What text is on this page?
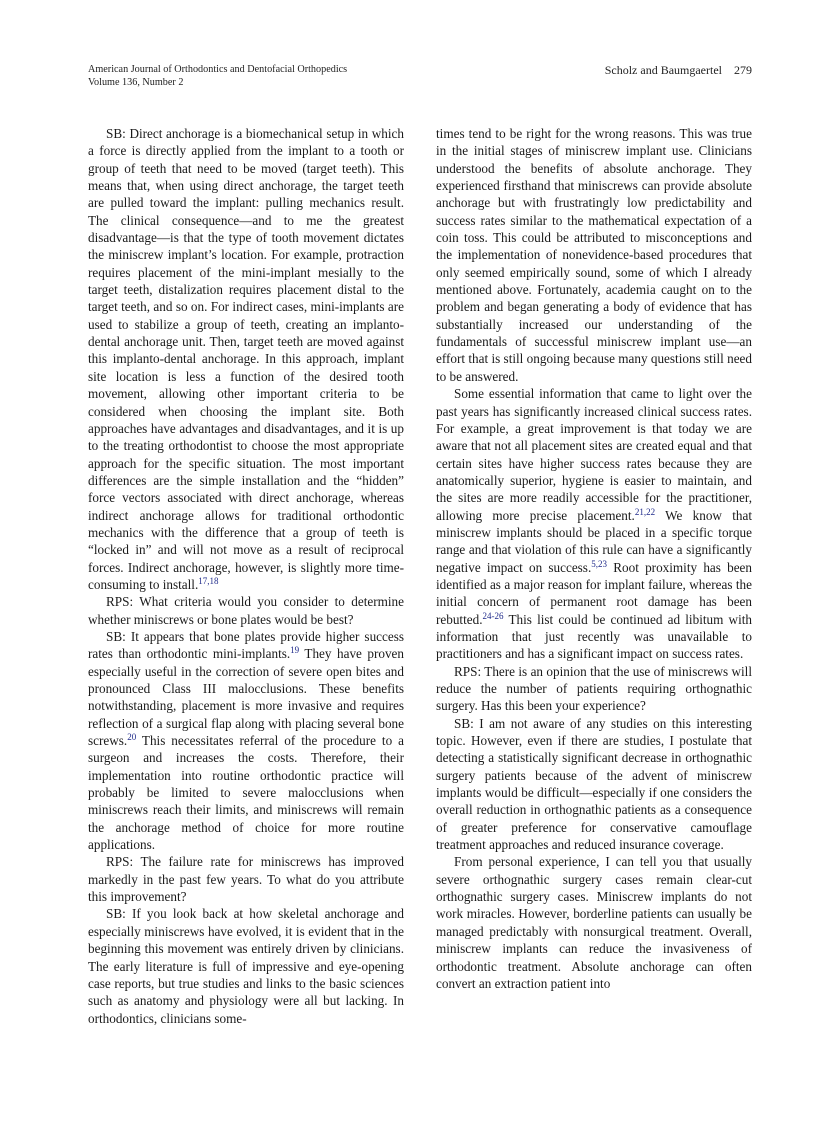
American Journal of Orthodontics and Dentofacial Orthopedics
Volume 136, Number 2
Scholz and Baumgaertel 279

SB: Direct anchorage is a biomechanical setup in which a force is directly applied from the implant to a tooth or group of teeth that need to be moved (target teeth). This means that, when using direct anchorage, the target teeth are pulled toward the implant: pulling mechanics result. The clinical consequence—and to me the greatest disadvantage—is that the type of tooth movement dictates the miniscrew implant’s location. For example, protraction requires placement of the mini-implant mesially to the target teeth, distalization requires placement distal to the target teeth, and so on. For indirect cases, mini-implants are used to stabilize a group of teeth, creating an implanto-dental anchorage unit. Then, target teeth are moved against this implanto-dental anchorage. In this approach, implant site location is less a function of the desired tooth movement, allowing other important criteria to be considered when choosing the implant site. Both approaches have advantages and disadvantages, and it is up to the treating orthodontist to choose the most appropriate approach for the specific situation. The most important differences are the simple installation and the “hidden” force vectors associated with direct anchorage, whereas indirect anchorage allows for traditional orthodontic mechanics with the difference that a group of teeth is “locked in” and will not move as a result of reciprocal forces. Indirect anchorage, however, is slightly more time-consuming to install.$^{17,18}$

RPS: What criteria would you consider to determine whether miniscrews or bone plates would be best?

SB: It appears that bone plates provide higher success rates than orthodontic mini-implants.$^{19}$ They have proven especially useful in the correction of severe open bites and pronounced Class III malocclusions. These benefits notwithstanding, placement is more invasive and requires reflection of a surgical flap along with placing several bone screws.$^{20}$ This necessitates referral of the procedure to a surgeon and increases the costs. Therefore, their implementation into routine orthodontic practice will probably be limited to severe malocclusions when miniscrews reach their limits, and miniscrews will remain the anchorage method of choice for more routine applications.

RPS: The failure rate for miniscrews has improved markedly in the past few years. To what do you attribute this improvement?

SB: If you look back at how skeletal anchorage and especially miniscrews have evolved, it is evident that in the beginning this movement was entirely driven by clinicians. The early literature is full of impressive and eye-opening case reports, but true studies and links to the basic sciences such as anatomy and physiology were all but lacking. In orthodontics, clinicians some-

times tend to be right for the wrong reasons. This was true in the initial stages of miniscrew implant use. Clinicians understood the benefits of absolute anchorage. They experienced firsthand that miniscrews can provide absolute anchorage but with frustratingly low predictability and success rates similar to the mathematical expectation of a coin toss. This could be attributed to misconceptions and the implementation of nonevidence-based procedures that only seemed empirically sound, some of which I already mentioned above. Fortunately, academia caught on to the problem and began generating a body of evidence that has substantially increased our understanding of the fundamentals of successful miniscrew implant use—an effort that is still ongoing because many questions still need to be answered.

Some essential information that came to light over the past years has significantly increased clinical success rates. For example, a great improvement is that today we are aware that not all placement sites are created equal and that certain sites have higher success rates because they are anatomically superior, hygiene is easier to maintain, and the sites are more readily accessible for the practitioner, allowing more precise placement.$^{21,22}$ We know that miniscrew implants should be placed in a specific torque range and that violation of this rule can have a significantly negative impact on success.$^{5,23}$ Root proximity has been identified as a major reason for implant failure, whereas the initial concern of permanent root damage has been rebutted.$^{24-26}$ This list could be continued ad libitum with information that just recently was unavailable to practitioners and has a significant impact on success rates.

RPS: There is an opinion that the use of miniscrews will reduce the number of patients requiring orthognathic surgery. Has this been your experience?

SB: I am not aware of any studies on this interesting topic. However, even if there are studies, I postulate that detecting a statistically significant decrease in orthognathic surgery patients because of the advent of miniscrew implants would be difficult—especially if one considers the overall reduction in orthognathic patients as a consequence of greater preference for conservative camouflage treatment approaches and reduced insurance coverage.

From personal experience, I can tell you that usually severe orthognathic surgery cases remain clear-cut orthognathic surgery cases. Miniscrew implants do not work miracles. However, borderline patients can usually be managed predictably with nonsurgical treatment. Overall, miniscrew implants can reduce the invasiveness of orthodontic treatment. Absolute anchorage can often convert an extraction patient into
